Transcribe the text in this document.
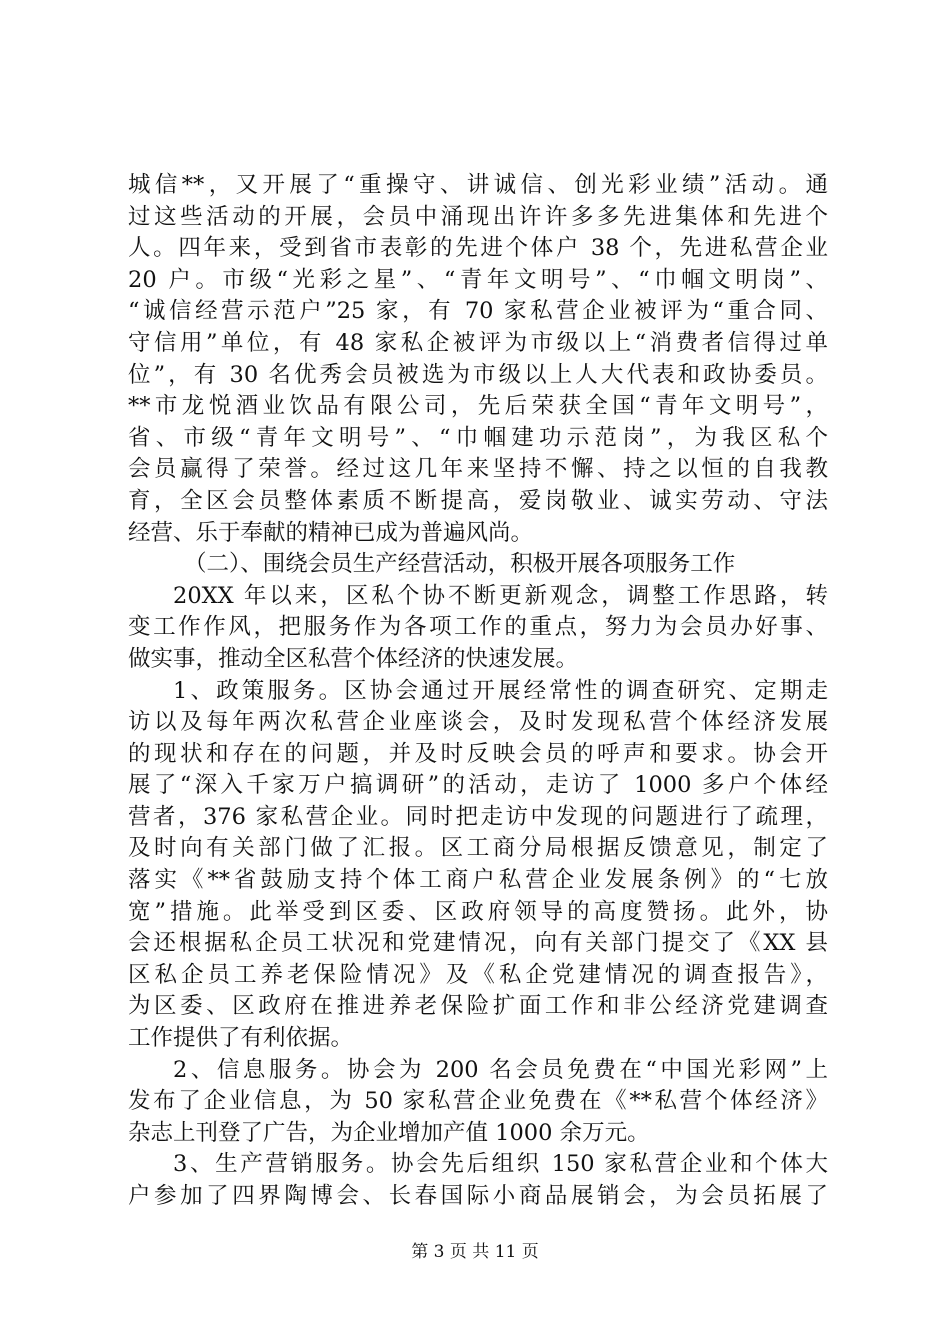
城信**，又开展了“重操守、讲诚信、创光彩业绩”活动。通
过这些活动的开展，会员中涌现出许许多多先进集体和先进个
人。四年来，受到省市表彰的先进个体户 38 个，先进私营企业
20 户。市级“光彩之星”、“青年文明号”、“巾帼文明岗”、
“诚信经营示范户”25 家，有 70 家私营企业被评为“重合同、
守信用”单位，有 48 家私企被评为市级以上“消费者信得过单
位”，有 30 名优秀会员被选为市级以上人大代表和政协委员。
**市龙悦酒业饮品有限公司，先后荣获全国“青年文明号”，
省、市级“青年文明号”、“巾帼建功示范岗”，为我区私个
会员赢得了荣誉。经过这几年来坚持不懈、持之以恒的自我教
育，全区会员整体素质不断提高，爱岗敬业、诚实劳动、守法
经营、乐于奉献的精神已成为普遍风尚。
（二）、围绕会员生产经营活动，积极开展各项服务工作
20XX 年以来，区私个协不断更新观念，调整工作思路，转
变工作作风，把服务作为各项工作的重点，努力为会员办好事、
做实事，推动全区私营个体经济的快速发展。
1、政策服务。区协会通过开展经常性的调查研究、定期走
访以及每年两次私营企业座谈会，及时发现私营个体经济发展
的现状和存在的问题，并及时反映会员的呼声和要求。协会开
展了“深入千家万户搞调研”的活动，走访了 1000 多户个体经
营者，376 家私营企业。同时把走访中发现的问题进行了疏理，
及时向有关部门做了汇报。区工商分局根据反馈意见，制定了
落实《**省鼓励支持个体工商户私营企业发展条例》的“七放
宽”措施。此举受到区委、区政府领导的高度赞扬。此外，协
会还根据私企员工状况和党建情况，向有关部门提交了《XX 县
区私企员工养老保险情况》及《私企党建情况的调查报告》，
为区委、区政府在推进养老保险扩面工作和非公经济党建调查
工作提供了有利依据。
2、信息服务。协会为 200 名会员免费在“中国光彩网”上
发布了企业信息，为 50 家私营企业免费在《**私营个体经济》
杂志上刊登了广告，为企业增加产值 1000 余万元。
3、生产营销服务。协会先后组织 150 家私营企业和个体大
户参加了四界陶博会、长春国际小商品展销会，为会员拓展了
第 3 页 共 11 页
